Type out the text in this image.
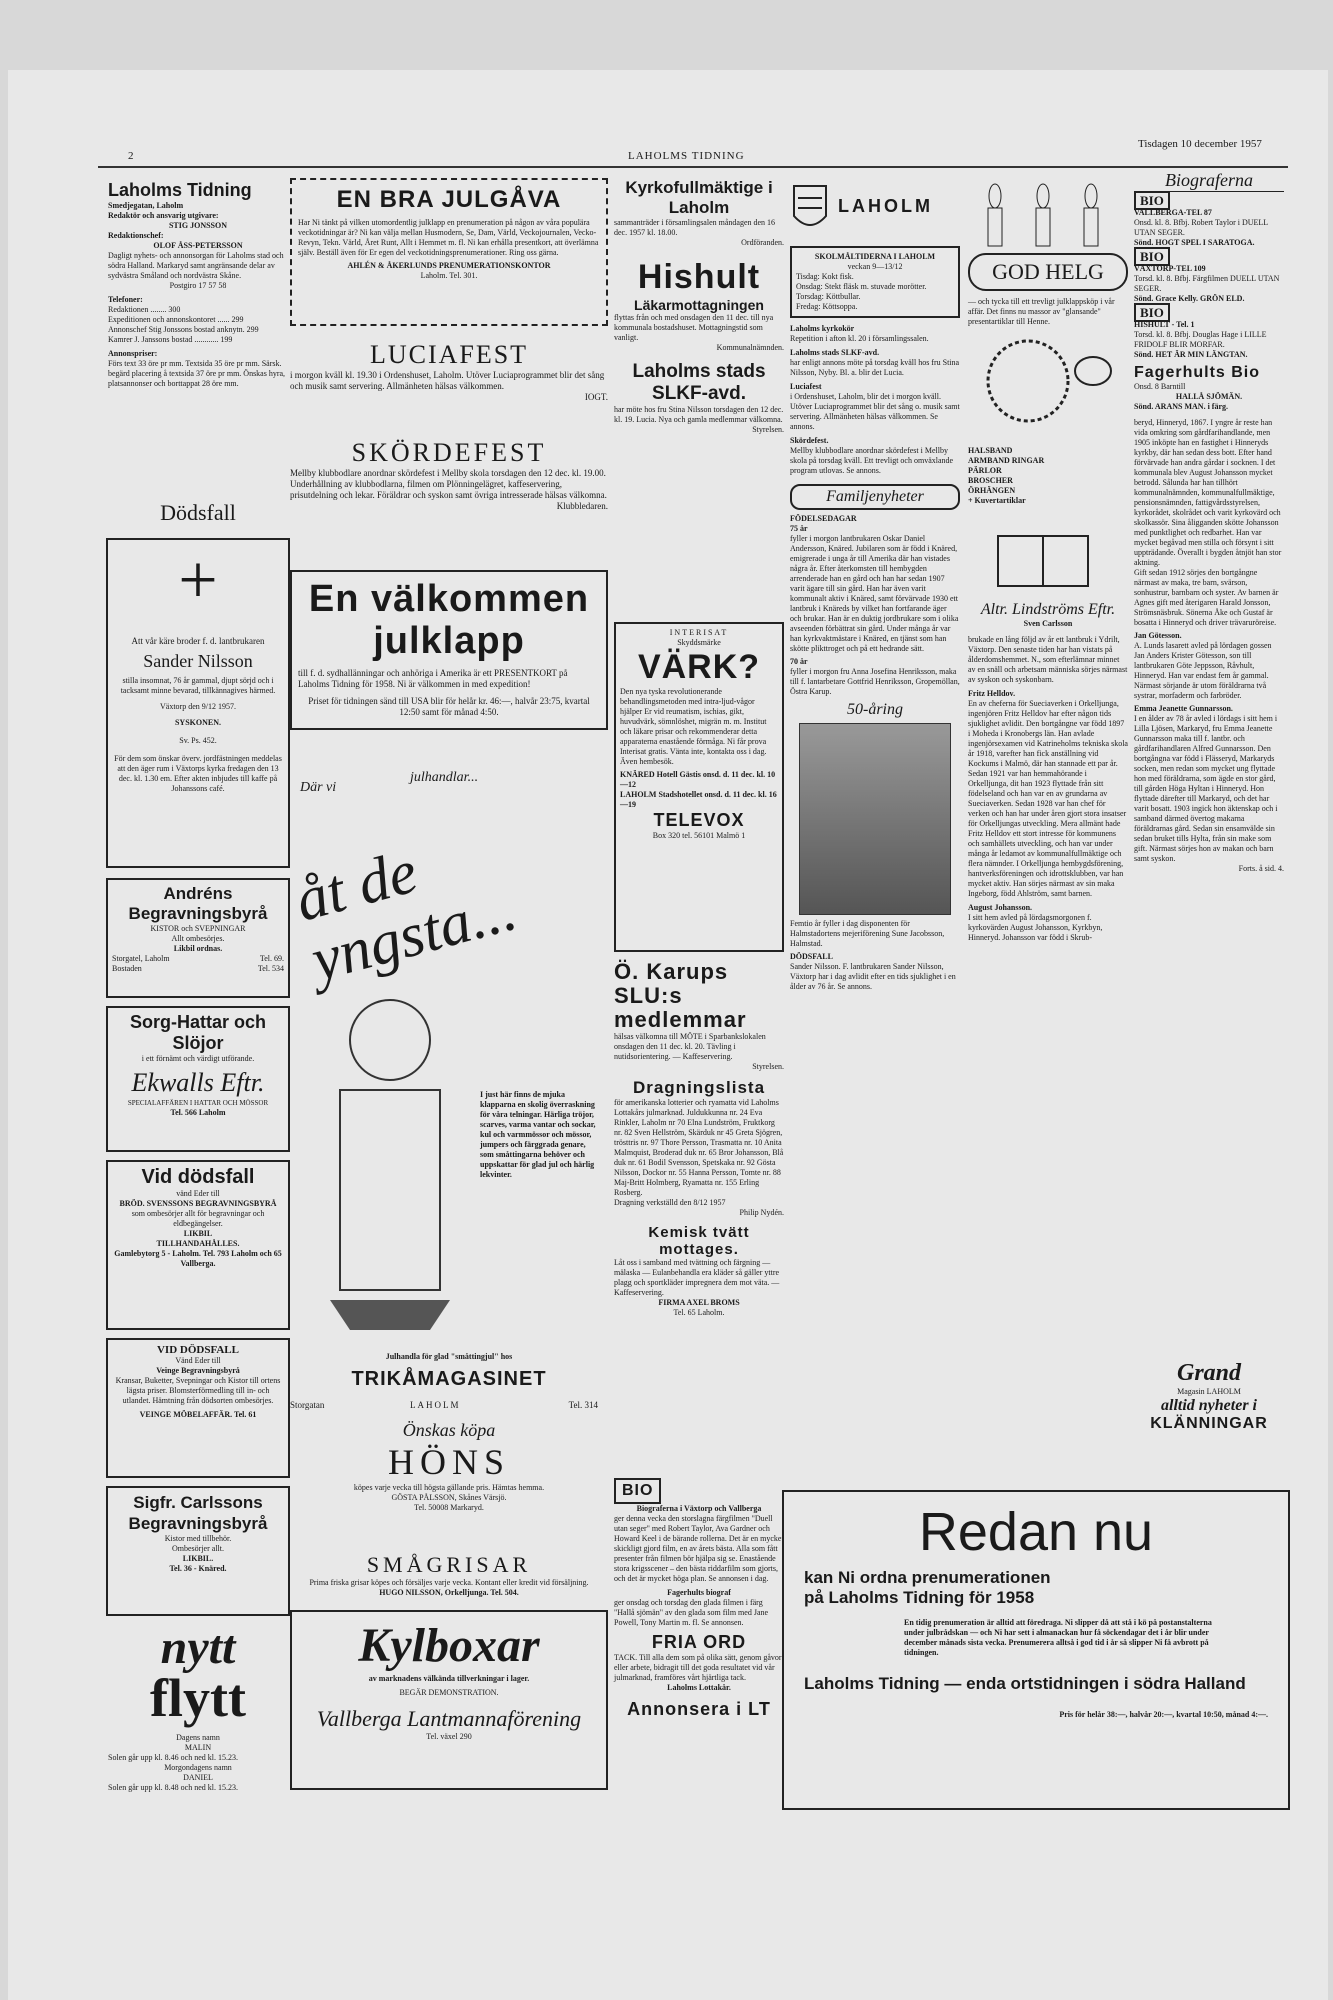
2	LAHOLMS TIDNING
Tisdagen 10 december 1957
Laholms Tidning
Smedjegatan, Laholm
Redaktör och ansvarig utgivare:
STIG JONSSON
Redaktionschef:
OLOF ÅSS-PETERSSON
Dagligt nyhets- och annonsorgan för Laholms stad och södra Halland. Markaryd samt angränsande delar av sydvästra Småland och nordvästra Skåne.
Postgiro 17 57 58
Telefoner:
Redaktionen ........ 300
Expeditionen och annonskontoret ...... 299
Annonschef Stig Jonssons bostad anknytn. 299
Kamrer J. Janssons bostad ............ 199
Annonspriser:
Förs text 33 öre pr mm. Textsida 35 öre pr mm. Särsk. begärd placering å textsida 37 öre pr mm. Önskas hyra, platsannonser och borttappat 28 öre mm.
Dödsfall
+
Att vår käre broder f. d. lantbrukaren
Sander Nilsson
stilla insomnat, 76 år gammal, djupt sörjd och i tacksamt minne bevarad, tillkännagives härmed.
Växtorp den 9/12 1957.
SYSKONEN.
Sv. Ps. 452.
För dem som önskar överv. jordfästningen meddelas att den äger rum i Växtorps kyrka fredagen den 13 dec. kl. 1.30 em. Efter akten inbjudes till kaffe på Johanssons café.
Andréns Begravningsbyrå
KISTOR och SVEPNINGAR
Allt ombesörjes.
Likbil ordnas.
Storgatel, Laholm	Tel. 69.
Bostaden	Tel. 534
Sorg-Hattar och Slöjor
i ett förnämt och värdigt utförande.
Ekwalls Eftr.
SPECIALAFFÄREN I HATTAR OCH MÖSSOR
Tel. 566 Laholm
Vid dödsfall
vänd Eder till
BRÖD. SVENSSONS BEGRAVNINGSBYRÅ
som ombesörjer allt för begravningar och eldbegängelser.
LIKBIL
TILLHANDAHÅLLES.
Gamlebytorg 5 - Laholm. Tel. 793 Laholm och 65 Vallberga.
VID DÖDSFALL
Vänd Eder till
Veinge Begravningsbyrå
Kransar, Buketter, Svepningar och Kistor till ortens lägsta priser. Blomsterförmedling till in- och utlandet. Hämtning från dödsorten ombesörjes.
VEINGE MÖBELAFFÄR. Tel. 61
Sigfr. Carlssons Begravningsbyrå
Kistor med tillbehör.
Ombesörjer allt.
LIKBIL.
Tel. 36 - Knäred.
nytt
flytt
Dagens namn
MALIN
Solen går upp kl. 8.46 och ned kl. 15.23.
Morgondagens namn
DANIEL
Solen går upp kl. 8.48 och ned kl. 15.23.
EN BRA JULGÅVA
Har Ni tänkt på vilken utomordentlig julklapp en prenumeration på någon av våra populära veckotidningar är? Ni kan välja mellan Husmodern, Se, Dam, Värld, Veckojournalen, Vecko-Revyn, Tekn. Värld, Året Runt, Allt i Hemmet m. fl. Ni kan erhålla presentkort, att överlämna själv. Beställ även för Er egen del veckotidningsprenumerationer. Ring oss gärna.
AHLÉN & ÅKERLUNDS PRENUMERATIONSKONTOR
Laholm. Tel. 301.
LUCIAFEST
i morgon kväll kl. 19.30 i Ordenshuset, Laholm. Utöver Luciaprogrammet blir det sång och musik samt servering. Allmänheten hälsas välkommen.
IOGT.
SKÖRDEFEST
Mellby klubbodlare anordnar skördefest i Mellby skola torsdagen den 12 dec. kl. 19.00. Underhållning av klubbodlarna, filmen om Plönningelägret, kaffeservering, prisutdelning och lekar. Föräldrar och syskon samt övriga intresserade hälsas välkomna.
Klubbledaren.
En välkommen julklapp
till f. d. sydhallänningar och anhöriga i Amerika är ett PRESENTKORT på Laholms Tidning för 1958. Ni är välkommen in med expedition!
Priset för tidningen sänd till USA blir för helår kr. 46:—, halvår 23:75, kvartal 12:50 samt för månad 4:50.
Där vi
julhandlar...
åt de yngsta...
I just här finns de mjuka klapparna en skolig överraskning för våra telningar. Härliga tröjor, scarves, varma vantar och sockar, kul och varmmössor och mössor, jumpers och färggrada genare, som småttingarna behöver och uppskattar för glad jul och härlig lekvinter.
Julhandla för glad "småttingjul" hos
TRIKÅMAGASINET
Storgatan	LAHOLM	Tel. 314
Önskas köpa
HÖNS
köpes varje vecka till högsta gällande pris. Hämtas hemma.
GÖSTA PÅLSSON, Skånes Värsjö.
Tel. 50008 Markaryd.
SMÅGRISAR
Prima friska grisar köpes och försäljes varje vecka. Kontant eller kredit vid försäljning.
HUGO NILSSON, Orkelljunga. Tel. 504.
Kylboxar
av marknadens välkända tillverkningar i lager.
BEGÄR DEMONSTRATION.
Vallberga Lantmannaförening
Tel. växel 290
Kyrkofullmäktige i Laholm
sammanträder i församlingsalen måndagen den 16 dec. 1957 kl. 18.00.
Ordföranden.
Hishult
Läkarmottagningen
flyttas från och med onsdagen den 11 dec. till nya kommunala bostadshuset. Mottagningstid som vanligt.
Kommunalnämnden.
Laholms stads SLKF-avd.
har möte hos fru Stina Nilsson torsdagen den 12 dec. kl. 19. Lucia. Nya och gamla medlemmar välkomna.
Styrelsen.
INTERISAT
Skyddsmärke
VÄRK?
Den nya tyska revolutionerande behandlingsmetoden med intra-ljud-vågor hjälper Er vid reumatism, ischias, gikt, huvudvärk, sömnlöshet, migrän m. m. Institut och läkare prisar och rekommenderar detta apparaterna enastående förmåga. Ni får prova Interisat gratis. Vänta inte, kontakta oss i dag. Även hembesök.
KNÄRED Hotell Gästis onsd. d. 11 dec. kl. 10—12
LAHOLM Stadshotellet onsd. d. 11 dec. kl. 16—19
TELEVOX
Box 320 tel. 56101 Malmö 1
Ö. Karups SLU:s medlemmar
hälsas välkomna till MÖTE i Sparbankslokalen onsdagen den 11 dec. kl. 20. Tävling i nutidsorientering. — Kaffeservering.
Styrelsen.
Dragningslista
för amerikanska lotterier och ryamatta vid Laholms Lottakårs julmarknad. Juldukkunna nr. 24 Eva Rinkler, Laholm nr 70 Elna Lundström, Fruktkorg nr. 82 Sven Hellström, Skärduk nr 45 Greta Sjögren, trösttris nr. 97 Thore Persson, Trasmatta nr. 10 Anita Malmquist, Broderad duk nr. 65 Bror Johansson, Blå duk nr. 61 Bodil Svensson, Spetskaka nr. 92 Gösta Nilsson, Dockor nr. 55 Hanna Persson, Tomte nr. 88 Maj-Britt Holmberg, Ryamatta nr. 155 Erling Rosberg.
Dragning verkställd den 8/12 1957
Philip Nydén.
Kemisk tvätt mottages.
Låt oss i samband med tvättning och färgning — mälaska — Eulanbehandla era kläder så gäller yttre plagg och sportkläder impregnera dem mot väta. — Kaffeservering.
FIRMA AXEL BROMS
Tel. 65 Laholm.
BIO
Biograferna i Växtorp och Vallberga
ger denna vecka den storslagna färgfilmen "Duell utan seger" med Robert Taylor, Ava Gardner och Howard Keel i de bärande rollerna. Det är en mycket skickligt gjord film, en av årets bästa. Alla som fått presenter från filmen bör hjälpa sig se. Enastående stora krigsscener – den bästa riddarfilm som gjorts, och det är mycket höga plan. Se annonsen i dag.
Fagerhults biograf
ger onsdag och torsdag den glada filmen i färg "Hallå sjömän" av den glada som film med Jane Powell, Tony Martin m. fl. Se annonsen.
FRIA ORD
TACK. Till alla dem som på olika sätt, genom gåvor eller arbete, bidragit till det goda resultatet vid vår julmarknad, framföres vårt hjärtliga tack.
Laholms Lottakår.
Annonsera i LT
LAHOLM
SKOLMÅLTIDERNA I LAHOLM
veckan 9—13/12
Tisdag: Kokt fisk.
Onsdag: Stekt fläsk m. stuvade morötter.
Torsdag: Köttbullar.
Fredag: Köttsoppa.
Laholms kyrkokör
Repetition i afton kl. 20 i församlingssalen.
Laholms stads SLKF-avd.
har enligt annons möte på torsdag kväll hos fru Stina Nilsson, Nyby. Bl. a. blir det Lucia.
Luciafest
i Ordenshuset, Laholm, blir det i morgon kväll. Utöver Luciaprogrammet blir det sång o. musik samt servering. Allmänheten hälsas välkommen. Se annons.
Skördefest.
Mellby klubbodlare anordnar skördefest i Mellby skola på torsdag kväll. Ett trevligt och omväxlande program utlovas. Se annons.
Familjenyheter
FÖDELSEDAGAR
75 år
fyller i morgon lantbrukaren Oskar Daniel Andersson, Knäred. Jubilaren som är född i Knäred, emigrerade i unga år till Amerika där han vistades några år. Efter återkomsten till hembygden arrenderade han en gård och han har sedan 1907 varit ägare till sin gård. Han har även varit kommunalt aktiv i Knäred, samt förvärvade 1930 ett lantbruk i Knäreds by vilket han fortfarande äger och brukar. Han är en duktig jordbrukare som i olika avseenden förbättrat sin gård. Under många år var han kyrkvaktmästare i Knäred, en tjänst som han skötte plikttroget och på ett hedrande sätt.
70 år
fyller i morgon fru Anna Josefina Henriksson, maka till f. lantarbetare Gottfrid Henriksson, Gropemöllan, Östra Karup.
50-åring
Femtio år fyller i dag disponenten för Halmstadortens mejeriförening Sune Jacobsson, Halmstad.
DÖDSFALL
Sander Nilsson. F. lantbrukaren Sander Nilsson, Växtorp har i dag avlidit efter en tids sjuklighet i en ålder av 76 år. Se annons.
GOD HELG
— och tycka till ett trevligt julklappsköp i vår affär. Det finns nu massor av "glansande" presentartiklar till Henne.
HALSBAND ARMBAND RINGAR PÄRLOR BROSCHER ÖRHÄNGEN
+ Kuvertartiklar
Altr. Lindströms Eftr.
Sven Carlsson
brukade en lång följd av år ett lantbruk i Ydrilt, Växtorp. Den senaste tiden har han vistats på ålderdomshemmet. N., som efterlämnar minnet av en snäll och arbetsam människa sörjes närmast av syskon och syskonbarn.
Fritz Helldov.
En av cheferna för Sueciaverken i Orkelljunga, ingenjören Fritz Helldov har efter någon tids sjuklighet avlidit. Den bortgångne var född 1897 i Moheda i Kronobergs län. Han avlade ingenjörsexamen vid Katrineholms tekniska skola år 1918, varefter han fick anställning vid Kockums i Malmö, där han stannade ett par år. Sedan 1921 var han hemmahörande i Orkelljunga, dit han 1923 flyttade från sitt födelseland och han var en av grundarna av Sueciaverken. Sedan 1928 var han chef för verken och han har under åren gjort stora insatser för Orkelljungas utveckling. Mera allmänt hade Fritz Helldov ett stort intresse för kommunens och samhällets utveckling, och han var under många år ledamot av kommunalfullmäktige och flera nämnder. I Orkelljunga hembygdsförening, hantverksföreningen och idrottsklubben, var han mycket aktiv. Han sörjes närmast av sin maka Ingeborg, född Ahlström, samt barnen.
August Johansson.
I sitt hem avled på lördagsmorgonen f. kyrkovärden August Johansson, Kyrkbyn, Hinneryd. Johansson var född i Skrub-
Biograferna
BIO
VALLBERGA-TEL 87
Onsd. kl. 8. Bfbj. Robert Taylor i DUELL UTAN SEGER.
Sönd. HOGT SPEL I SARATOGA.
BIO
VÄXTORP-TEL 109
Torsd. kl. 8. Bfbj. Färgfilmen DUELL UTAN SEGER.
Sönd. Grace Kelly. GRÖN ELD.
BIO
HISHULT - Tel. 1
Torsd. kl. 8. Bfbj. Douglas Hage i LILLE FRIDOLF BLIR MORFAR.
Sönd. HET ÄR MIN LÄNGTAN.
Fagerhults Bio
Onsd. 8 Barntill
HALLÅ SJÖMÄN.
Sönd. ARANS MAN. i färg.
beryd, Hinneryd, 1867. I yngre år reste han vida omkring som gårdfarihandlande, men 1905 inköpte han en fastighet i Hinneryds kyrkby, där han sedan dess bott. Efter hand förvärvade han andra gårdar i socknen. I det kommunala blev August Johansson mycket betrodd. Sålunda har han tillhört kommunalnämnden, kommunalfullmäktige, pensionsnämnden, fattigvårdsstyrelsen, kyrkorådet, skolrådet och varit kyrkovärd och skolkassör. Sina åligganden skötte Johansson med punktlighet och redbarhet. Han var mycket begåvad men stilla och försynt i sitt uppträdande. Överallt i bygden åtnjöt han stor aktning.
Gift sedan 1912 sörjes den bortgångne närmast av maka, tre barn, svärson, sonhustrur, barnbarn och syster. Av barnen är Agnes gift med återigaren Harald Jonsson, Strömsnäsbruk. Sönerna Åke och Gustaf är bosatta i Hinneryd och driver trävaruröreise.
Jan Götesson.
A. Lunds lasarett avled på lördagen gossen Jan Anders Krister Götesson, son till lantbrukaren Göte Jeppsson, Råvhult, Hinneryd. Han var endast fem år gammal. Närmast sörjande är utom föräldrarna två systrar, morfaderm och farbröder.
Emma Jeanette Gunnarsson.
I en ålder av 78 år avled i lördags i sitt hem i Lilla Ljösen, Markaryd, fru Emma Jeanette Gunnarsson maka till f. lantbr. och gårdfarihandlaren Alfred Gunnarsson. Den bortgångna var född i Flässeryd, Markaryds socken, men redan som mycket ung flyttade hon med föräldrarna, som ägde en stor gård, till gården Höga Hyltan i Hinneryd. Hon flyttade därefter till Markaryd, och det har varit bosatt. 1903 ingick hon äktenskap och i samband därmed övertog makarna föräldrarnas gård. Sedan sin ensamvälde sin sedan bruket tills Hylta, från sin make som gift. Närmast sörjes hon av makan och barn samt syskon.
Forts. å sid. 4.
Grand
Magasin LAHOLM
alltid nyheter i
KLÄNNINGAR
Redan nu
kan Ni ordna prenumerationen
på Laholms Tidning för 1958
En tidig prenumeration är alltid att föredraga. Ni slipper då att stå i kö på postanstalterna under julbrådskan — och Ni har sett i almanackan hur få söckendagar det i år blir under december månads sista vecka. Prenumerera alltså i god tid i år så slipper Ni få avbrott på tidningen.
Laholms Tidning — enda ortstidningen i södra Halland
Pris för helår 38:—, halvår 20:—, kvartal 10:50, månad 4:—.
